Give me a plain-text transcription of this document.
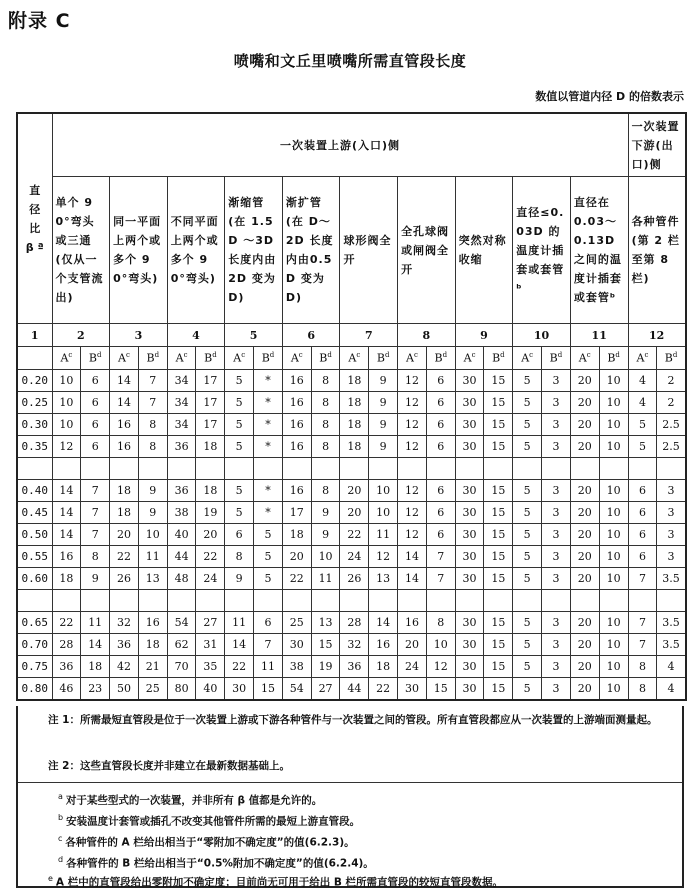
附录 C
喷嘴和文丘里喷嘴所需直管段长度
数值以管道内径 D 的倍数表示
直
径
比
β ª	一次装置上游(入口)侧																				一次装置下游(出口)侧	
	单个 90°弯头或三通(仅从一个支管流出)		同一平面上两个或多个 90°弯头)		不同平面上两个或多个 90°弯头)		渐缩管(在 1.5D ～3D 长度内由 2D 变为 D)		渐扩管(在 D～2D 长度内由0.5D 变为 D)		球形阀全开		全孔球阀或闸阀全开		突然对称收缩		直径≤0.03D 的温度计插套或套管ᵇ		直径在 0.03～0.13D 之间的温度计插套或套管ᵇ		各种管件(第 2 栏至第 8 栏)	
1	2		3		4		5		6		7		8		9		10		11		12	
	$A^c$	$B^d$	$A^c$	$B^d$	$A^c$	$B^d$	$A^c$	$B^d$	$A^c$	$B^d$	$A^c$	$B^d$	$A^c$	$B^d$	$A^c$	$B^d$	$A^c$	$B^d$	$A^c$	$B^d$	$A^c$	$B^d$
0.20	10	6	14	7	34	17	5	*	16	8	18	9	12	6	30	15	5	3	20	10	4	2
0.25	10	6	14	7	34	17	5	*	16	8	18	9	12	6	30	15	5	3	20	10	4	2
0.30	10	6	16	8	34	17	5	*	16	8	18	9	12	6	30	15	5	3	20	10	5	2.5
0.35	12	6	16	8	36	18	5	*	16	8	18	9	12	6	30	15	5	3	20	10	5	2.5

0.40	14	7	18	9	36	18	5	*	16	8	20	10	12	6	30	15	5	3	20	10	6	3
0.45	14	7	18	9	38	19	5	*	17	9	20	10	12	6	30	15	5	3	20	10	6	3
0.50	14	7	20	10	40	20	6	5	18	9	22	11	12	6	30	15	5	3	20	10	6	3
0.55	16	8	22	11	44	22	8	5	20	10	24	12	14	7	30	15	5	3	20	10	6	3
0.60	18	9	26	13	48	24	9	5	22	11	26	13	14	7	30	15	5	3	20	10	7	3.5

0.65	22	11	32	16	54	27	11	6	25	13	28	14	16	8	30	15	5	3	20	10	7	3.5
0.70	28	14	36	18	62	31	14	7	30	15	32	16	20	10	30	15	5	3	20	10	7	3.5
0.75	36	18	42	21	70	35	22	11	38	19	36	18	24	12	30	15	5	3	20	10	8	4
0.80	46	23	50	25	80	40	30	15	54	27	44	22	30	15	30	15	5	3	20	10	8	4
注 1：所需最短直管段是位于一次装置上游或下游各种管件与一次装置之间的管段。所有直管段都应从一次装置的上游端面测量起。
注 2：这些直管段长度并非建立在最新数据基础上。
$^a$ 对于某些型式的一次装置，并非所有 β 值都是允许的。
$^b$ 安装温度计套管或插孔不改变其他管件所需的最短上游直管段。
$^c$ 各种管件的 A 栏给出相当于“零附加不确定度”的值(6.2.3)。
$^d$ 各种管件的 B 栏给出相当于“0.5%附加不确定度”的值(6.2.4)。
$^e$ A 栏中的直管段给出零附加不确定度；目前尚无可用于给出 B 栏所需直管段的较短直管段数据。
